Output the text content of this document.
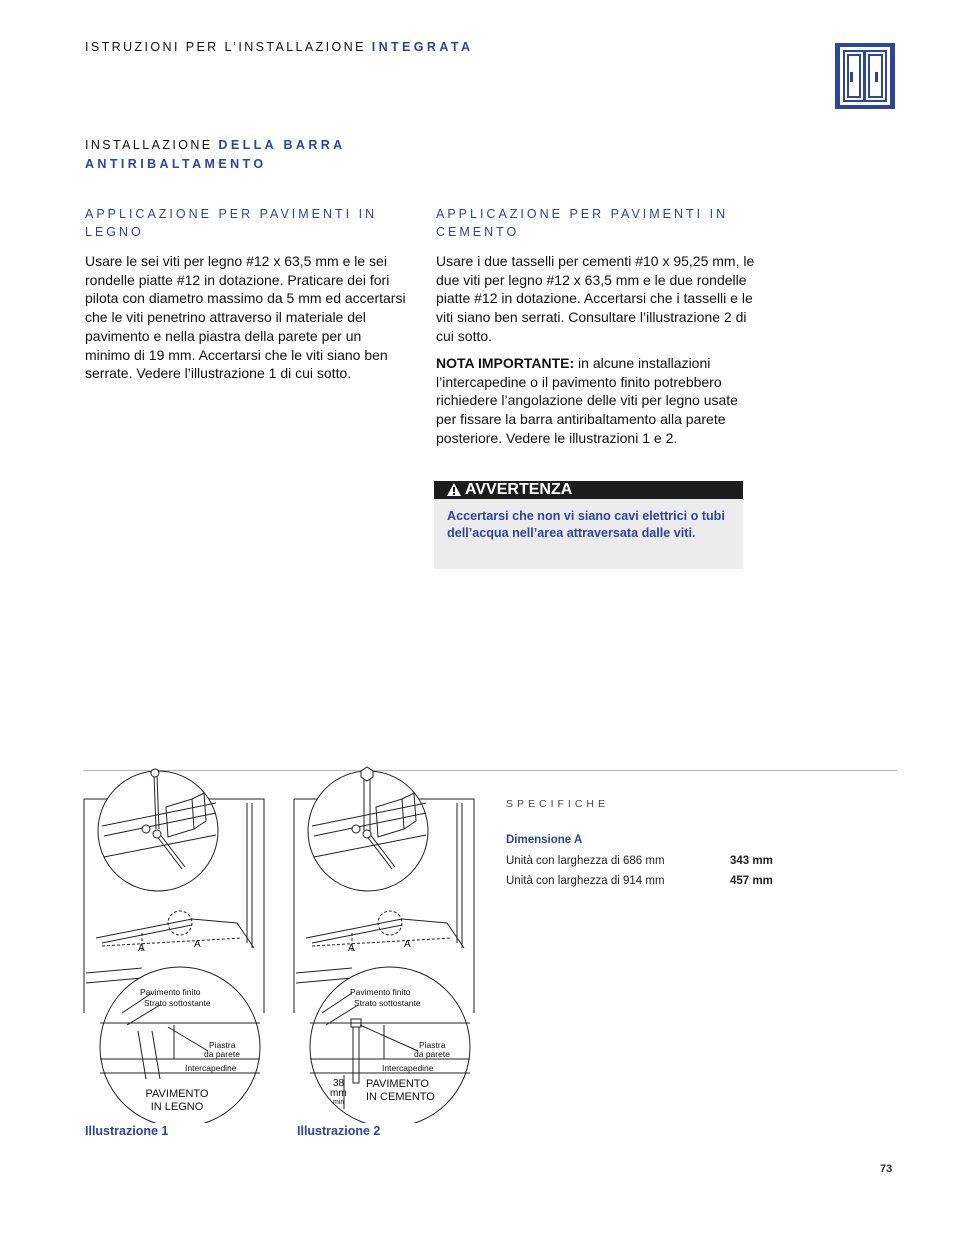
ISTRUZIONI PER L’INSTALLAZIONE INTEGRATA
INSTALLAZIONE DELLA BARRA
ANTIRIBALTAMENTO
APPLICAZIONE PER PAVIMENTI IN
LEGNO
Usare le sei viti per legno #12 x 63,5 mm e le sei rondelle piatte #12 in dotazione. Praticare dei fori pilota con diametro massimo da 5 mm ed accertarsi che le viti penetrino attraverso il materiale del pavimento e nella piastra della parete per un minimo di 19 mm. Accertarsi che le viti siano ben serrate. Vedere l’illustrazione 1 di cui sotto.
APPLICAZIONE PER PAVIMENTI IN
CEMENTO
Usare i due tasselli per cementi #10 x 95,25 mm, le due viti per legno #12 x 63,5 mm e le due rondelle piatte #12 in dotazione. Accertarsi che i tasselli e le viti siano ben serrati. Consultare l’illustrazione 2 di cui sotto.
NOTA IMPORTANTE: in alcune installazioni l’intercapedine o il pavimento finito potrebbero richiedere l’angolazione delle viti per legno usate per fissare la barra antiribaltamento alla parete posteriore. Vedere le illustrazioni 1 e 2.
AVVERTENZA
Accertarsi che non vi siano cavi elettrici o tubi dell’acqua nell’area attraversata dalle viti.
A	A
Pavimento finito
Strato sottostante
Piastra
da parete
Intercapedine
PAVIMENTO
IN LEGNO
Illustrazione 1
A	A
Pavimento finito
Strato sottostante
Piastra
da parete
Intercapedine
38
mm
min
PAVIMENTO
IN CEMENTO
Illustrazione 2
SPECIFICHE
Dimensione A
Unità con larghezza di 686 mm	343 mm
Unità con larghezza di 914 mm	457 mm
73
